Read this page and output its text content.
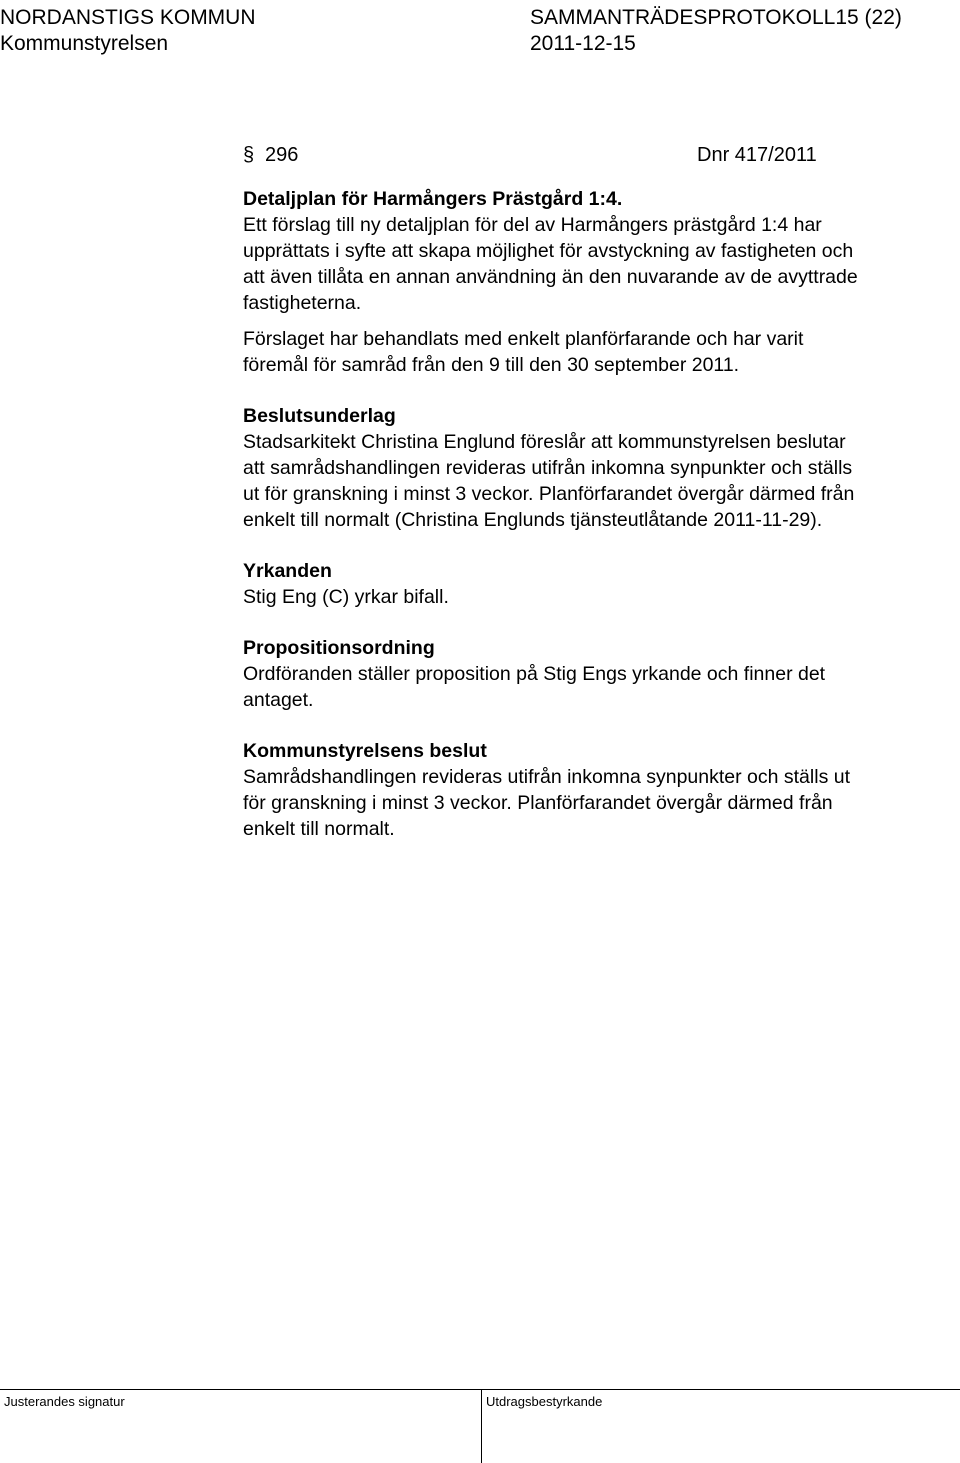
NORDANSTIGS KOMMUN
Kommunstyrelsen
SAMMANTRÄDESPROTOKOLL15 (22)
2011-12-15
§ 296	Dnr 417/2011

Detaljplan för Harmångers Prästgård 1:4.

Ett förslag till ny detaljplan för del av Harmångers prästgård 1:4 har

upprättats i syfte att skapa möjlighet för avstyckning av fastigheten och

att även tillåta en annan användning än den nuvarande av de avyttrade

fastigheterna.

Förslaget har behandlats med enkelt planförfarande och har varit

föremål för samråd från den 9 till den 30 september 2011.

Beslutsunderlag

Stadsarkitekt Christina Englund föreslår att kommunstyrelsen beslutar

att samrådshandlingen revideras utifrån inkomna synpunkter och ställs

ut för granskning i minst 3 veckor. Planförfarandet övergår därmed från

enkelt till normalt (Christina Englunds tjänsteutlåtande 2011-11-29).

Yrkanden

Stig Eng (C) yrkar bifall.

Propositionsordning

Ordföranden ställer proposition på Stig Engs yrkande och finner det

antaget.

Kommunstyrelsens beslut

Samrådshandlingen revideras utifrån inkomna synpunkter och ställs ut

för granskning i minst 3 veckor. Planförfarandet övergår därmed från

enkelt till normalt.

Justerandes signatur	Utdragsbestyrkande
